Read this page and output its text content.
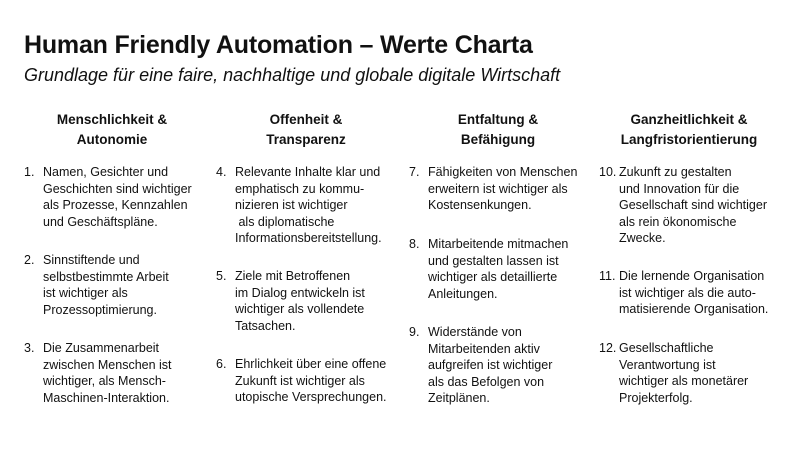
Human Friendly Automation – Werte Charta
Grundlage für eine faire, nachhaltige und globale digitale Wirtschaft
Menschlichkeit &
Autonomie
1. Namen, Gesichter und
Geschichten sind wichtiger
als Prozesse, Kennzahlen
und Geschäftspläne.
2. Sinnstiftende und
selbstbestimmte Arbeit
ist wichtiger als
Prozessoptimierung.
3. Die Zusammenarbeit
zwischen Menschen ist
wichtiger, als Mensch-
Maschinen-Interaktion.
Offenheit &
Transparenz
4. Relevante Inhalte klar und
emphatisch zu kommu-
nizieren ist wichtiger
als diplomatische
Informationsbereitstellung.
5. Ziele mit Betroffenen
im Dialog entwickeln ist
wichtiger als vollendete
Tatsachen.
6. Ehrlichkeit über eine offene
Zukunft ist wichtiger als
utopische Versprechungen.
Entfaltung &
Befähigung
7. Fähigkeiten von Menschen
erweitern ist wichtiger als
Kostensenkungen.
8. Mitarbeitende mitmachen
und gestalten lassen ist
wichtiger als detaillierte
Anleitungen.
9. Widerstände von
Mitarbeitenden aktiv
aufgreifen ist wichtiger
als das Befolgen von
Zeitplänen.
Ganzheitlichkeit &
Langfristorientierung
10. Zukunft zu gestalten
und Innovation für die
Gesellschaft sind wichtiger
als rein ökonomische
Zwecke.
11. Die lernende Organisation
ist wichtiger als die auto-
matisierende Organisation.
12. Gesellschaftliche
Verantwortung ist
wichtiger als monetärer
Projekterfolg.
